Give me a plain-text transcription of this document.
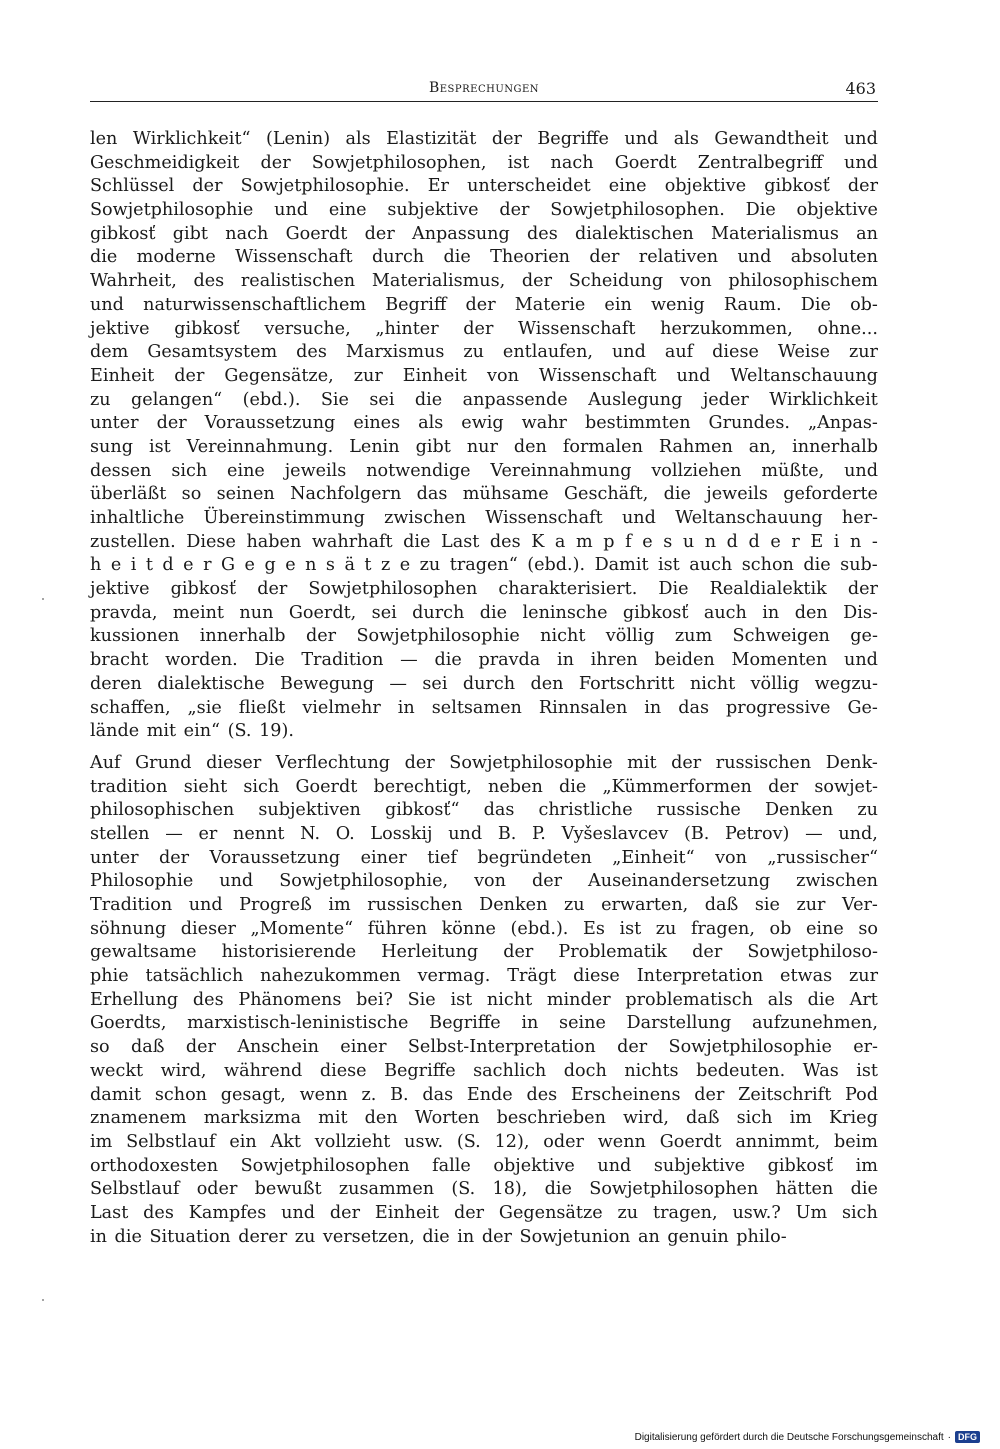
Besprechungen	463
len Wirklichkeit“ (Lenin) als Elastizität der Begriffe und als Gewandtheit und
Geschmeidigkeit der Sowjetphilosophen, ist nach Goerdt Zentralbegriff und
Schlüssel der Sowjetphilosophie. Er unterscheidet eine objektive gibkosť der
Sowjetphilosophie und eine subjektive der Sowjetphilosophen. Die objektive
gibkosť gibt nach Goerdt der Anpassung des dialektischen Materialismus an
die moderne Wissenschaft durch die Theorien der relativen und absoluten
Wahrheit, des realistischen Materialismus, der Scheidung von philosophischem
und naturwissenschaftlichem Begriff der Materie ein wenig Raum. Die ob-
jektive gibkosť versuche, „hinter der Wissenschaft herzukommen, ohne...
dem Gesamtsystem des Marxismus zu entlaufen, und auf diese Weise zur
Einheit der Gegensätze, zur Einheit von Wissenschaft und Weltanschauung
zu gelangen“ (ebd.). Sie sei die anpassende Auslegung jeder Wirklichkeit
unter der Voraussetzung eines als ewig wahr bestimmten Grundes. „Anpas-
sung ist Vereinnahmung. Lenin gibt nur den formalen Rahmen an, innerhalb
dessen sich eine jeweils notwendige Vereinnahmung vollziehen müßte, und
überläßt so seinen Nachfolgern das mühsame Geschäft, die jeweils geforderte
inhaltliche Übereinstimmung zwischen Wissenschaft und Weltanschauung her-
zustellen. Diese haben wahrhaft die Last des K a m p f e s u n d d e r E i n -
h e i t d e r G e g e n s ä t z e zu tragen“ (ebd.). Damit ist auch schon die sub-
jektive gibkosť der Sowjetphilosophen charakterisiert. Die Realdialektik der
pravda, meint nun Goerdt, sei durch die leninsche gibkosť auch in den Dis-
kussionen innerhalb der Sowjetphilosophie nicht völlig zum Schweigen ge-
bracht worden. Die Tradition — die pravda in ihren beiden Momenten und
deren dialektische Bewegung — sei durch den Fortschritt nicht völlig wegzu-
schaffen, „sie fließt vielmehr in seltsamen Rinnsalen in das progressive Ge-
lände mit ein“ (S. 19).
Auf Grund dieser Verflechtung der Sowjetphilosophie mit der russischen Denk-
tradition sieht sich Goerdt berechtigt, neben die „Kümmerformen der sowjet-
philosophischen subjektiven gibkosť“ das christliche russische Denken zu
stellen — er nennt N. O. Losskij und B. P. Vyšeslavcev (B. Petrov) — und,
unter der Voraussetzung einer tief begründeten „Einheit“ von „russischer“
Philosophie und Sowjetphilosophie, von der Auseinandersetzung zwischen
Tradition und Progreß im russischen Denken zu erwarten, daß sie zur Ver-
söhnung dieser „Momente“ führen könne (ebd.). Es ist zu fragen, ob eine so
gewaltsame historisierende Herleitung der Problematik der Sowjetphiloso-
phie tatsächlich nahezukommen vermag. Trägt diese Interpretation etwas zur
Erhellung des Phänomens bei? Sie ist nicht minder problematisch als die Art
Goerdts, marxistisch-leninistische Begriffe in seine Darstellung aufzunehmen,
so daß der Anschein einer Selbst-Interpretation der Sowjetphilosophie er-
weckt wird, während diese Begriffe sachlich doch nichts bedeuten. Was ist
damit schon gesagt, wenn z. B. das Ende des Erscheinens der Zeitschrift Pod
znamenem marksizma mit den Worten beschrieben wird, daß sich im Krieg
im Selbstlauf ein Akt vollzieht usw. (S. 12), oder wenn Goerdt annimmt, beim
orthodoxesten Sowjetphilosophen falle objektive und subjektive gibkosť im
Selbstlauf oder bewußt zusammen (S. 18), die Sowjetphilosophen hätten die
Last des Kampfes und der Einheit der Gegensätze zu tragen, usw.? Um sich
in die Situation derer zu versetzen, die in der Sowjetunion an genuin philo-
Digitalisierung gefördert durch die Deutsche Forschungsgemeinschaft · DFG
